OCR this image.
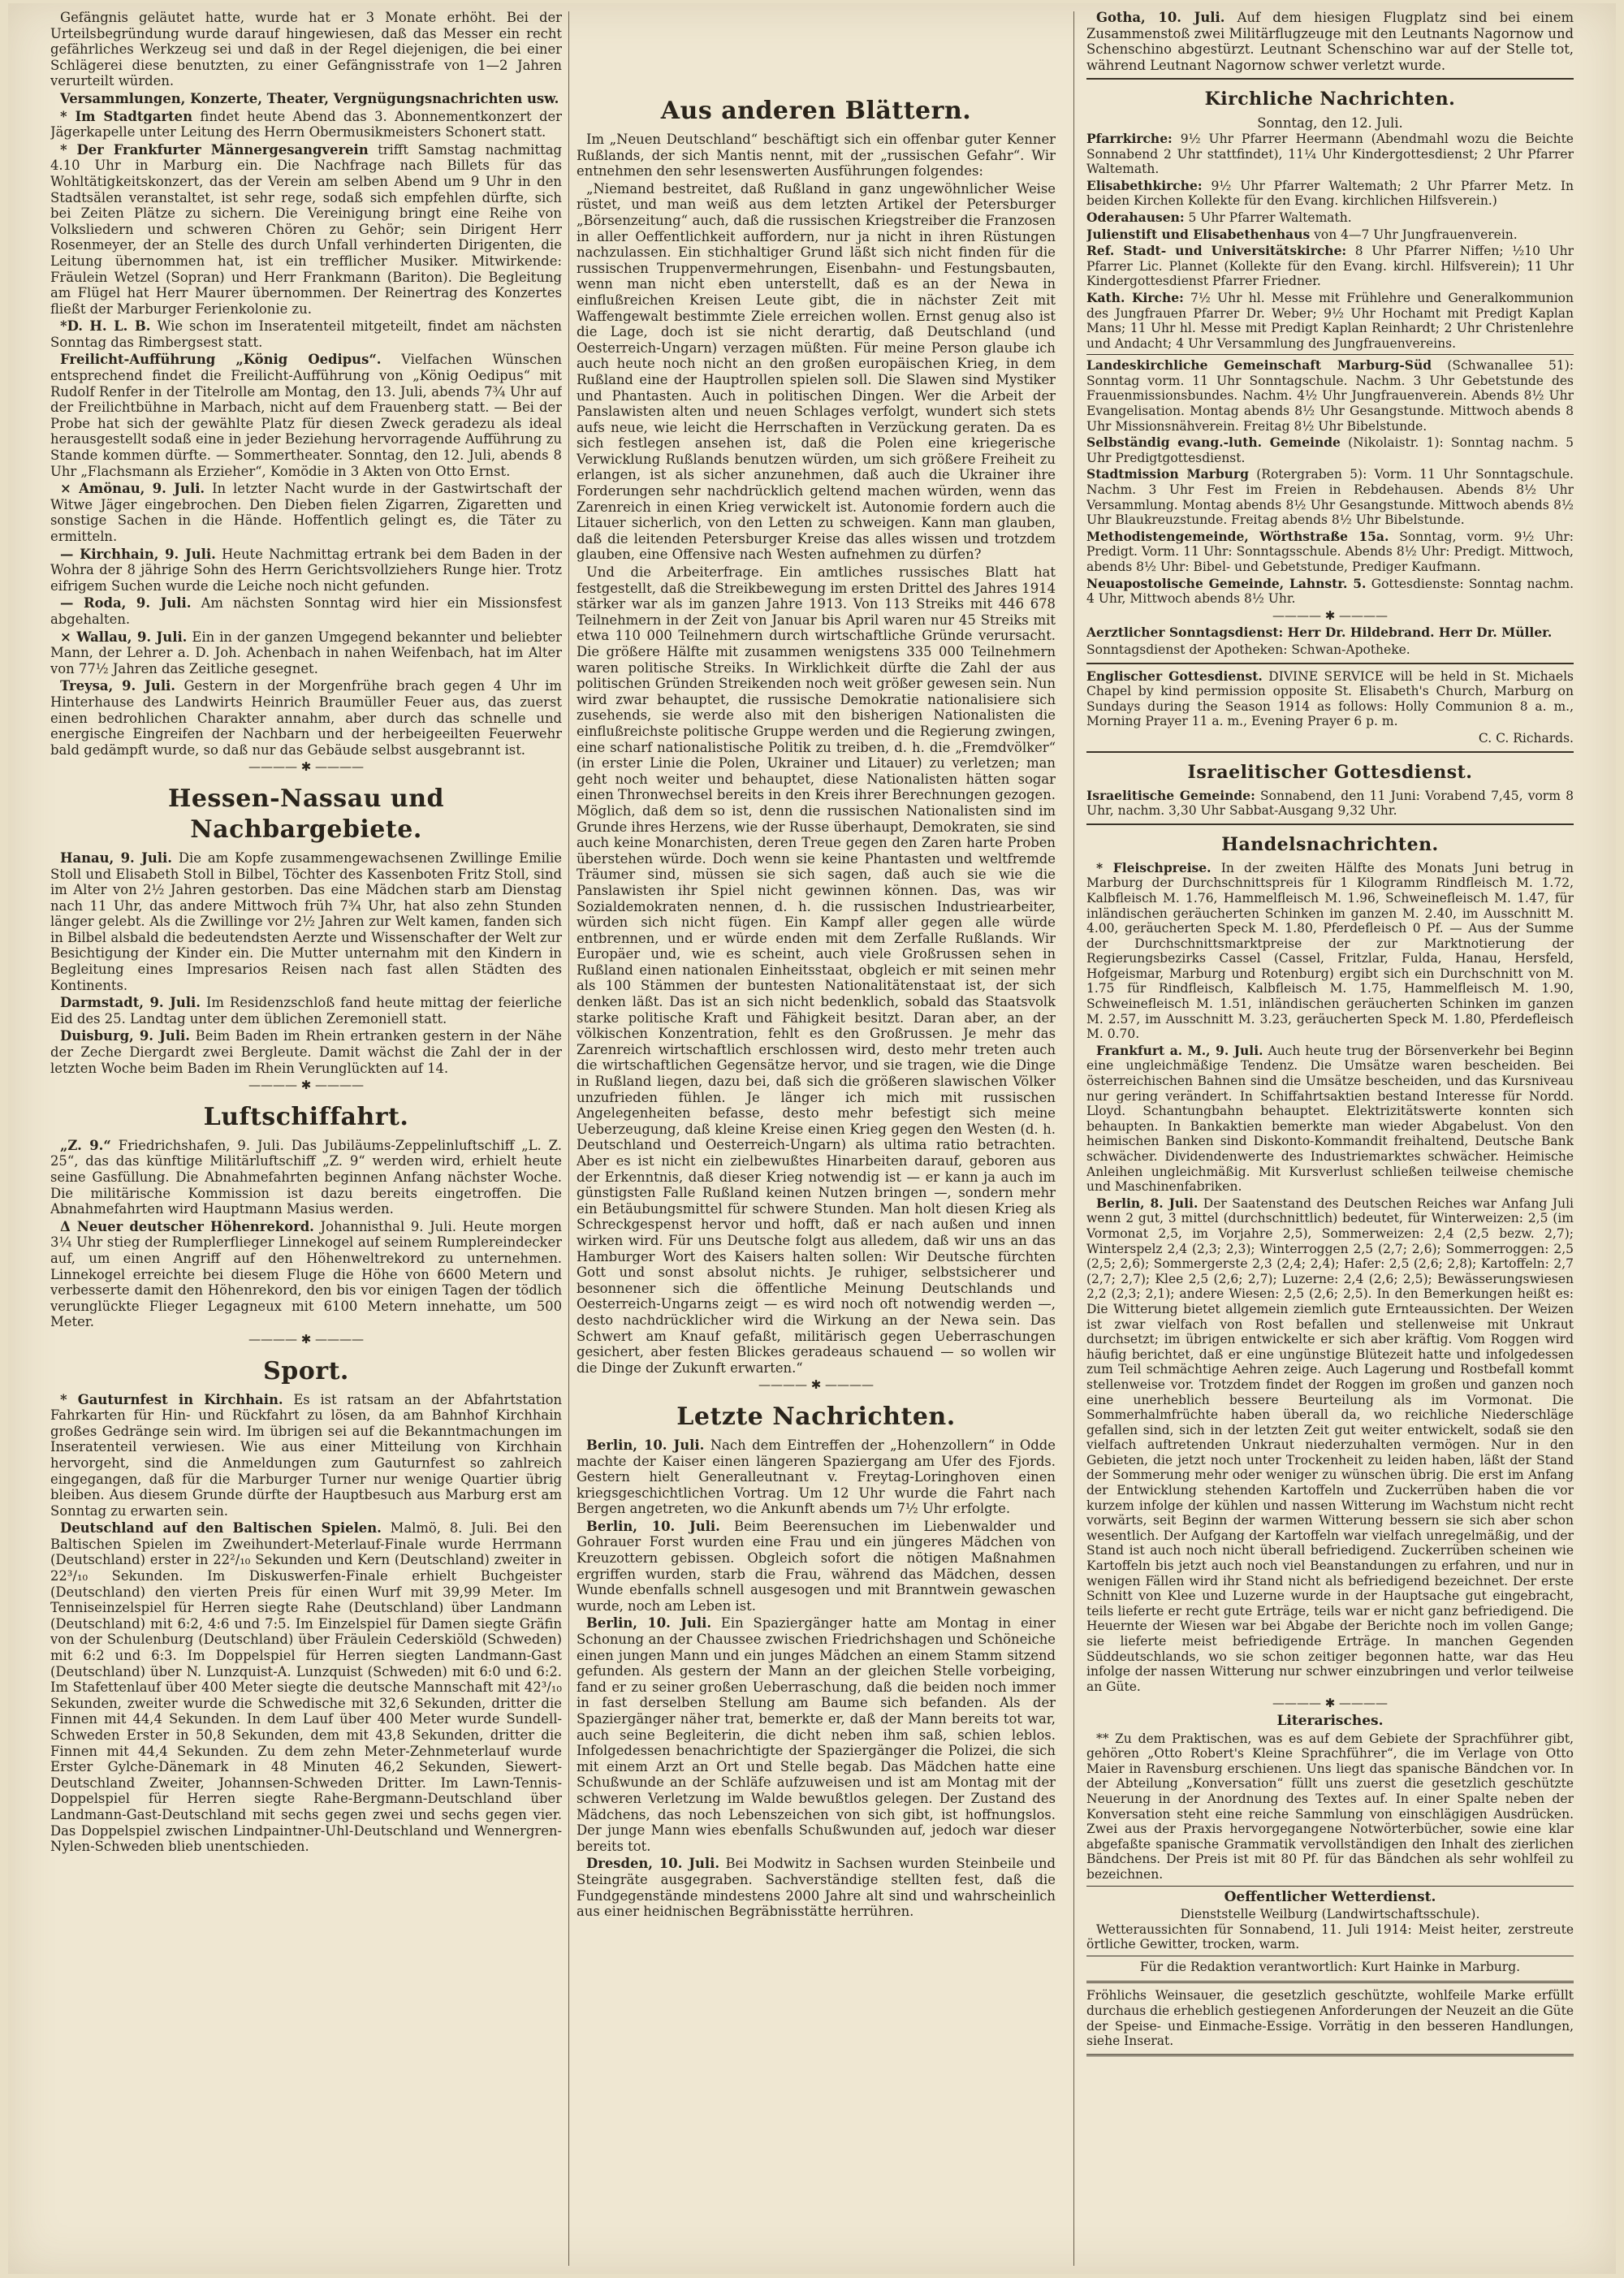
Gefängnis geläutet hatte, wurde hat er 3 Monate erhöht. Bei der Urteilsbegründung wurde darauf hingewiesen, daß das Messer ein recht gefährliches Werkzeug sei und daß in der Regel diejenigen, die bei einer Schlägerei diese benutzten, zu einer Gefängnisstrafe von 1—2 Jahren verurteilt würden.

Versammlungen, Konzerte, Theater, Vergnügungsnachrichten usw.

* Im Stadtgarten findet heute Abend das 3. Abonnementkonzert der Jägerkapelle unter Leitung des Herrn Obermusikmeisters Schonert statt.

* Der Frankfurter Männergesangverein trifft Samstag nachmittag 4.10 Uhr in Marburg ein. Die Nachfrage nach Billets für das Wohltätigkeitskonzert, das der Verein am selben Abend um 9 Uhr in den Stadtsälen veranstaltet, ist sehr rege, sodaß sich empfehlen dürfte, sich bei Zeiten Plätze zu sichern. Die Vereinigung bringt eine Reihe von Volksliedern und schweren Chören zu Gehör; sein Dirigent Herr Rosenmeyer, der an Stelle des durch Unfall verhinderten Dirigenten, die Leitung übernommen hat, ist ein trefflicher Musiker. Mitwirkende: Fräulein Wetzel (Sopran) und Herr Frankmann (Bariton). Die Begleitung am Flügel hat Herr Maurer übernommen. Der Reinertrag des Konzertes fließt der Marburger Ferienkolonie zu.

*D. H. L. B. Wie schon im Inseratenteil mitgeteilt, findet am nächsten Sonntag das Rimbergsest statt.

Freilicht-Aufführung „König Oedipus“. Vielfachen Wünschen entsprechend findet die Freilicht-Aufführung von „König Oedipus“ mit Rudolf Renfer in der Titelrolle am Montag, den 13. Juli, abends 7¾ Uhr auf der Freilichtbühne in Marbach, nicht auf dem Frauenberg statt. — Bei der Probe hat sich der gewählte Platz für diesen Zweck geradezu als ideal herausgestellt sodaß eine in jeder Beziehung hervorragende Aufführung zu Stande kommen dürfte. — Sommertheater. Sonntag, den 12. Juli, abends 8 Uhr „Flachsmann als Erzieher“, Komödie in 3 Akten von Otto Ernst.

× Amönau, 9. Juli. In letzter Nacht wurde in der Gastwirtschaft der Witwe Jäger eingebrochen. Den Dieben fielen Zigarren, Zigaretten und sonstige Sachen in die Hände. Hoffentlich gelingt es, die Täter zu ermitteln.

— Kirchhain, 9. Juli. Heute Nachmittag ertrank bei dem Baden in der Wohra der 8 jährige Sohn des Herrn Gerichtsvollziehers Runge hier. Trotz eifrigem Suchen wurde die Leiche noch nicht gefunden.

— Roda, 9. Juli. Am nächsten Sonntag wird hier ein Missionsfest abgehalten.

× Wallau, 9. Juli. Ein in der ganzen Umgegend bekannter und beliebter Mann, der Lehrer a. D. Joh. Achenbach in nahen Weifenbach, hat im Alter von 77½ Jahren das Zeitliche gesegnet.

Treysa, 9. Juli. Gestern in der Morgenfrühe brach gegen 4 Uhr im Hinterhause des Landwirts Heinrich Braumüller Feuer aus, das zuerst einen bedrohlichen Charakter annahm, aber durch das schnelle und energische Eingreifen der Nachbarn und der herbeigeeilten Feuerwehr bald gedämpft wurde, so daß nur das Gebäude selbst ausgebrannt ist.

———— ✱ ————
Hessen-Nassau und Nachbargebiete.

Hanau, 9. Juli. Die am Kopfe zusammengewachsenen Zwillinge Emilie Stoll und Elisabeth Stoll in Bilbel, Töchter des Kassenboten Fritz Stoll, sind im Alter von 2½ Jahren gestorben. Das eine Mädchen starb am Dienstag nach 11 Uhr, das andere Mittwoch früh 7¾ Uhr, hat also zehn Stunden länger gelebt. Als die Zwillinge vor 2½ Jahren zur Welt kamen, fanden sich in Bilbel alsbald die bedeutendsten Aerzte und Wissenschafter der Welt zur Besichtigung der Kinder ein. Die Mutter unternahm mit den Kindern in Begleitung eines Impresarios Reisen nach fast allen Städten des Kontinents.

Darmstadt, 9. Juli. Im Residenzschloß fand heute mittag der feierliche Eid des 25. Landtag unter dem üblichen Zeremoniell statt.

Duisburg, 9. Juli. Beim Baden im Rhein ertranken gestern in der Nähe der Zeche Diergardt zwei Bergleute. Damit wächst die Zahl der in der letzten Woche beim Baden im Rhein Verunglückten auf 14.

———— ✱ ————
Luftschiffahrt.

„Z. 9.“ Friedrichshafen, 9. Juli. Das Jubiläums-Zeppelinluftschiff „L. Z. 25“, das das künftige Militärluftschiff „Z. 9“ werden wird, erhielt heute seine Gasfüllung. Die Abnahmefahrten beginnen Anfang nächster Woche. Die militärische Kommission ist dazu bereits eingetroffen. Die Abnahmefahrten wird Hauptmann Masius werden.

Δ Neuer deutscher Höhenrekord. Johannisthal 9. Juli. Heute morgen 3¼ Uhr stieg der Rumplerflieger Linnekogel auf seinem Rumplereindecker auf, um einen Angriff auf den Höhenweltrekord zu unternehmen. Linnekogel erreichte bei diesem Fluge die Höhe von 6600 Metern und verbesserte damit den Höhenrekord, den bis vor einigen Tagen der tödlich verunglückte Flieger Legagneux mit 6100 Metern innehatte, um 500 Meter.

———— ✱ ————
Sport.

* Gauturnfest in Kirchhain. Es ist ratsam an der Abfahrtstation Fahrkarten für Hin- und Rückfahrt zu lösen, da am Bahnhof Kirchhain großes Gedränge sein wird. Im übrigen sei auf die Bekanntmachungen im Inseratenteil verwiesen. Wie aus einer Mitteilung von Kirchhain hervorgeht, sind die Anmeldungen zum Gauturnfest so zahlreich eingegangen, daß für die Marburger Turner nur wenige Quartier übrig bleiben. Aus diesem Grunde dürfte der Hauptbesuch aus Marburg erst am Sonntag zu erwarten sein.

Deutschland auf den Baltischen Spielen. Malmö, 8. Juli. Bei den Baltischen Spielen im Zweihundert-Meterlauf-Finale wurde Herrmann (Deutschland) erster in 22²/₁₀ Sekunden und Kern (Deutschland) zweiter in 22³/₁₀ Sekunden. Im Diskuswerfen-Finale erhielt Buchgeister (Deutschland) den vierten Preis für einen Wurf mit 39,99 Meter. Im Tenniseinzelspiel für Herren siegte Rahe (Deutschland) über Landmann (Deutschland) mit 6:2, 4:6 und 7:5. Im Einzelspiel für Damen siegte Gräfin von der Schulenburg (Deutschland) über Fräulein Cederskiöld (Schweden) mit 6:2 und 6:3. Im Doppelspiel für Herren siegten Landmann-Gast (Deutschland) über N. Lunzquist-A. Lunzquist (Schweden) mit 6:0 und 6:2. Im Stafettenlauf über 400 Meter siegte die deutsche Mannschaft mit 42³/₁₀ Sekunden, zweiter wurde die Schwedische mit 32,6 Sekunden, dritter die Finnen mit 44,4 Sekunden. In dem Lauf über 400 Meter wurde Sundell-Schweden Erster in 50,8 Sekunden, dem mit 43,8 Sekunden, dritter die Finnen mit 44,4 Sekunden. Zu dem zehn Meter-Zehnmeterlauf wurde Erster Gylche-Dänemark in 48 Minuten 46,2 Sekunden, Siewert-Deutschland Zweiter, Johannsen-Schweden Dritter. Im Lawn-Tennis-Doppelspiel für Herren siegte Rahe-Bergmann-Deutschland über Landmann-Gast-Deutschland mit sechs gegen zwei und sechs gegen vier. Das Doppelspiel zwischen Lindpaintner-Uhl-Deutschland und Wennergren-Nylen-Schweden blieb unentschieden.

Aus anderen Blättern.

Im „Neuen Deutschland“ beschäftigt sich ein offenbar guter Kenner Rußlands, der sich Mantis nennt, mit der „russischen Gefahr“. Wir entnehmen den sehr lesenswerten Ausführungen folgendes:

„Niemand bestreitet, daß Rußland in ganz ungewöhnlicher Weise rüstet, und man weiß aus dem letzten Artikel der Petersburger „Börsenzeitung“ auch, daß die russischen Kriegstreiber die Franzosen in aller Oeffentlichkeit auffordern, nur ja nicht in ihren Rüstungen nachzulassen. Ein stichhaltiger Grund läßt sich nicht finden für die russischen Truppenvermehrungen, Eisenbahn- und Festungsbauten, wenn man nicht eben unterstellt, daß es an der Newa in einflußreichen Kreisen Leute gibt, die in nächster Zeit mit Waffengewalt bestimmte Ziele erreichen wollen. Ernst genug also ist die Lage, doch ist sie nicht derartig, daß Deutschland (und Oesterreich-Ungarn) verzagen müßten. Für meine Person glaube ich auch heute noch nicht an den großen europäischen Krieg, in dem Rußland eine der Hauptrollen spielen soll. Die Slawen sind Mystiker und Phantasten. Auch in politischen Dingen. Wer die Arbeit der Panslawisten alten und neuen Schlages verfolgt, wundert sich stets aufs neue, wie leicht die Herrschaften in Verzückung geraten. Da es sich festlegen ansehen ist, daß die Polen eine kriegerische Verwicklung Rußlands benutzen würden, um sich größere Freiheit zu erlangen, ist als sicher anzunehmen, daß auch die Ukrainer ihre Forderungen sehr nachdrücklich geltend machen würden, wenn das Zarenreich in einen Krieg verwickelt ist. Autonomie fordern auch die Litauer sicherlich, von den Letten zu schweigen. Kann man glauben, daß die leitenden Petersburger Kreise das alles wissen und trotzdem glauben, eine Offensive nach Westen aufnehmen zu dürfen?

Und die Arbeiterfrage. Ein amtliches russisches Blatt hat festgestellt, daß die Streikbewegung im ersten Drittel des Jahres 1914 stärker war als im ganzen Jahre 1913. Von 113 Streiks mit 446 678 Teilnehmern in der Zeit von Januar bis April waren nur 45 Streiks mit etwa 110 000 Teilnehmern durch wirtschaftliche Gründe verursacht. Die größere Hälfte mit zusammen wenigstens 335 000 Teilnehmern waren politische Streiks. In Wirklichkeit dürfte die Zahl der aus politischen Gründen Streikenden noch weit größer gewesen sein. Nun wird zwar behauptet, die russische Demokratie nationalisiere sich zusehends, sie werde also mit den bisherigen Nationalisten die einflußreichste politische Gruppe werden und die Regierung zwingen, eine scharf nationalistische Politik zu treiben, d. h. die „Fremdvölker“ (in erster Linie die Polen, Ukrainer und Litauer) zu verletzen; man geht noch weiter und behauptet, diese Nationalisten hätten sogar einen Thronwechsel bereits in den Kreis ihrer Berechnungen gezogen. Möglich, daß dem so ist, denn die russischen Nationalisten sind im Grunde ihres Herzens, wie der Russe überhaupt, Demokraten, sie sind auch keine Monarchisten, deren Treue gegen den Zaren harte Proben überstehen würde. Doch wenn sie keine Phantasten und weltfremde Träumer sind, müssen sie sich sagen, daß auch sie wie die Panslawisten ihr Spiel nicht gewinnen können. Das, was wir Sozialdemokraten nennen, d. h. die russischen Industriearbeiter, würden sich nicht fügen. Ein Kampf aller gegen alle würde entbrennen, und er würde enden mit dem Zerfalle Rußlands. Wir Europäer und, wie es scheint, auch viele Großrussen sehen in Rußland einen nationalen Einheitsstaat, obgleich er mit seinen mehr als 100 Stämmen der buntesten Nationalitätenstaat ist, der sich denken läßt. Das ist an sich nicht bedenklich, sobald das Staatsvolk starke politische Kraft und Fähigkeit besitzt. Daran aber, an der völkischen Konzentration, fehlt es den Großrussen. Je mehr das Zarenreich wirtschaftlich erschlossen wird, desto mehr treten auch die wirtschaftlichen Gegensätze hervor, und sie tragen, wie die Dinge in Rußland liegen, dazu bei, daß sich die größeren slawischen Völker unzufrieden fühlen. Je länger ich mich mit russischen Angelegenheiten befasse, desto mehr befestigt sich meine Ueberzeugung, daß kleine Kreise einen Krieg gegen den Westen (d. h. Deutschland und Oesterreich-Ungarn) als ultima ratio betrachten. Aber es ist nicht ein zielbewußtes Hinarbeiten darauf, geboren aus der Erkenntnis, daß dieser Krieg notwendig ist — er kann ja auch im günstigsten Falle Rußland keinen Nutzen bringen —, sondern mehr ein Betäubungsmittel für schwere Stunden. Man holt diesen Krieg als Schreckgespenst hervor und hofft, daß er nach außen und innen wirken wird. Für uns Deutsche folgt aus alledem, daß wir uns an das Hamburger Wort des Kaisers halten sollen: Wir Deutsche fürchten Gott und sonst absolut nichts. Je ruhiger, selbstsicherer und besonnener sich die öffentliche Meinung Deutschlands und Oesterreich-Ungarns zeigt — es wird noch oft notwendig werden —, desto nachdrücklicher wird die Wirkung an der Newa sein. Das Schwert am Knauf gefaßt, militärisch gegen Ueberraschungen gesichert, aber festen Blickes geradeaus schauend — so wollen wir die Dinge der Zukunft erwarten.“

———— ✱ ————
Letzte Nachrichten.

Berlin, 10. Juli. Nach dem Eintreffen der „Hohenzollern“ in Odde machte der Kaiser einen längeren Spaziergang am Ufer des Fjords. Gestern hielt Generalleutnant v. Freytag-Loringhoven einen kriegsgeschichtlichen Vortrag. Um 12 Uhr wurde die Fahrt nach Bergen angetreten, wo die Ankunft abends um 7½ Uhr erfolgte.

Berlin, 10. Juli. Beim Beerensuchen im Liebenwalder und Gohrauer Forst wurden eine Frau und ein jüngeres Mädchen von Kreuzottern gebissen. Obgleich sofort die nötigen Maßnahmen ergriffen wurden, starb die Frau, während das Mädchen, dessen Wunde ebenfalls schnell ausgesogen und mit Branntwein gewaschen wurde, noch am Leben ist.

Berlin, 10. Juli. Ein Spaziergänger hatte am Montag in einer Schonung an der Chaussee zwischen Friedrichshagen und Schöneiche einen jungen Mann und ein junges Mädchen an einem Stamm sitzend gefunden. Als gestern der Mann an der gleichen Stelle vorbeiging, fand er zu seiner großen Ueberraschung, daß die beiden noch immer in fast derselben Stellung am Baume sich befanden. Als der Spaziergänger näher trat, bemerkte er, daß der Mann bereits tot war, auch seine Begleiterin, die dicht neben ihm saß, schien leblos. Infolgedessen benachrichtigte der Spaziergänger die Polizei, die sich mit einem Arzt an Ort und Stelle begab. Das Mädchen hatte eine Schußwunde an der Schläfe aufzuweisen und ist am Montag mit der schweren Verletzung im Walde bewußtlos gelegen. Der Zustand des Mädchens, das noch Lebenszeichen von sich gibt, ist hoffnungslos. Der junge Mann wies ebenfalls Schußwunden auf, jedoch war dieser bereits tot.

Dresden, 10. Juli. Bei Modwitz in Sachsen wurden Steinbeile und Steingräte ausgegraben. Sachverständige stellten fest, daß die Fundgegenstände mindestens 2000 Jahre alt sind und wahrscheinlich aus einer heidnischen Begräbnisstätte herrühren.

Gotha, 10. Juli. Auf dem hiesigen Flugplatz sind bei einem Zusammenstoß zwei Militärflugzeuge mit den Leutnants Nagornow und Schenschino abgestürzt. Leutnant Schenschino war auf der Stelle tot, während Leutnant Nagornow schwer verletzt wurde.

Kirchliche Nachrichten.

Sonntag, den 12. Juli.

Pfarrkirche: 9½ Uhr Pfarrer Heermann (Abendmahl wozu die Beichte Sonnabend 2 Uhr stattfindet), 11¼ Uhr Kindergottesdienst; 2 Uhr Pfarrer Waltemath.

Elisabethkirche: 9½ Uhr Pfarrer Waltemath; 2 Uhr Pfarrer Metz. In beiden Kirchen Kollekte für den Evang. kirchlichen Hilfsverein.)

Oderahausen: 5 Uhr Pfarrer Waltemath.

Julienstift und Elisabethenhaus von 4—7 Uhr Jungfrauenverein.

Ref. Stadt- und Universitätskirche: 8 Uhr Pfarrer Niffen; ½10 Uhr Pfarrer Lic. Plannet (Kollekte für den Evang. kirchl. Hilfsverein); 11 Uhr Kindergottesdienst Pfarrer Friedner.

Kath. Kirche: 7½ Uhr hl. Messe mit Frühlehre und Generalkommunion des Jungfrauen Pfarrer Dr. Weber; 9½ Uhr Hochamt mit Predigt Kaplan Mans; 11 Uhr hl. Messe mit Predigt Kaplan Reinhardt; 2 Uhr Christenlehre und Andacht; 4 Uhr Versammlung des Jungfrauenvereins.

Landeskirchliche Gemeinschaft Marburg-Süd (Schwanallee 51): Sonntag vorm. 11 Uhr Sonntagschule. Nachm. 3 Uhr Gebetstunde des Frauenmissionsbundes. Nachm. 4½ Uhr Jungfrauenverein. Abends 8½ Uhr Evangelisation. Montag abends 8½ Uhr Gesangstunde. Mittwoch abends 8 Uhr Missionsnähverein. Freitag 8½ Uhr Bibelstunde.

Selbständig evang.-luth. Gemeinde (Nikolaistr. 1): Sonntag nachm. 5 Uhr Predigtgottesdienst.

Stadtmission Marburg (Rotergraben 5): Vorm. 11 Uhr Sonntagschule. Nachm. 3 Uhr Fest im Freien in Rebdehausen. Abends 8½ Uhr Versammlung. Montag abends 8½ Uhr Gesangstunde. Mittwoch abends 8½ Uhr Blaukreuzstunde. Freitag abends 8½ Uhr Bibelstunde.

Methodistengemeinde, Wörthstraße 15a. Sonntag, vorm. 9½ Uhr: Predigt. Vorm. 11 Uhr: Sonntagsschule. Abends 8½ Uhr: Predigt. Mittwoch, abends 8½ Uhr: Bibel- und Gebetstunde, Prediger Kaufmann.

Neuapostolische Gemeinde, Lahnstr. 5. Gottesdienste: Sonntag nachm. 4 Uhr, Mittwoch abends 8½ Uhr.

———— ✱ ————

Aerztlicher Sonntagsdienst: Herr Dr. Hildebrand. Herr Dr. Müller.

Sonntagsdienst der Apotheken: Schwan-Apotheke.

Englischer Gottesdienst. DIVINE SERVICE will be held in St. Michaels Chapel by kind permission opposite St. Elisabeth's Church, Marburg on Sundays during the Season 1914 as follows: Holly Communion 8 a. m., Morning Prayer 11 a. m., Evening Prayer 6 p. m.

C. C. Richards.

Israelitischer Gottesdienst.

Israelitische Gemeinde: Sonnabend, den 11 Juni: Vorabend 7,45, vorm 8 Uhr, nachm. 3,30 Uhr Sabbat-Ausgang 9,32 Uhr.

Handelsnachrichten.

* Fleischpreise. In der zweiten Hälfte des Monats Juni betrug in Marburg der Durchschnittspreis für 1 Kilogramm Rindfleisch M. 1.72, Kalbfleisch M. 1.76, Hammelfleisch M. 1.96, Schweinefleisch M. 1.47, für inländischen geräucherten Schinken im ganzen M. 2.40, im Ausschnitt M. 4.00, geräucherten Speck M. 1.80, Pferdefleisch 0 Pf. — Aus der Summe der Durchschnittsmarktpreise der zur Marktnotierung der Regierungsbezirks Cassel (Cassel, Fritzlar, Fulda, Hanau, Hersfeld, Hofgeismar, Marburg und Rotenburg) ergibt sich ein Durchschnitt von M. 1.75 für Rindfleisch, Kalbfleisch M. 1.75, Hammelfleisch M. 1.90, Schweinefleisch M. 1.51, inländischen geräucherten Schinken im ganzen M. 2.57, im Ausschnitt M. 3.23, geräucherten Speck M. 1.80, Pferdefleisch M. 0.70.

Frankfurt a. M., 9. Juli. Auch heute trug der Börsenverkehr bei Beginn eine ungleichmäßige Tendenz. Die Umsätze waren bescheiden. Bei österreichischen Bahnen sind die Umsätze bescheiden, und das Kursniveau nur gering verändert. In Schiffahrtsaktien bestand Interesse für Nordd. Lloyd. Schantungbahn behauptet. Elektrizitätswerte konnten sich behaupten. In Bankaktien bemerkte man wieder Abgabelust. Von den heimischen Banken sind Diskonto-Kommandit freihaltend, Deutsche Bank schwächer. Dividendenwerte des Industriemarktes schwächer. Heimische Anleihen ungleichmäßig. Mit Kursverlust schließen teilweise chemische und Maschinenfabriken.

Berlin, 8. Juli. Der Saatenstand des Deutschen Reiches war Anfang Juli wenn 2 gut, 3 mittel (durchschnittlich) bedeutet, für Winterweizen: 2,5 (im Vormonat 2,5, im Vorjahre 2,5), Sommerweizen: 2,4 (2,5 bezw. 2,7); Winterspelz 2,4 (2,3; 2,3); Winterroggen 2,5 (2,7; 2,6); Sommerroggen: 2,5 (2,5; 2,6); Sommergerste 2,3 (2,4; 2,4); Hafer: 2,5 (2,6; 2,8); Kartoffeln: 2,7 (2,7; 2,7); Klee 2,5 (2,6; 2,7); Luzerne: 2,4 (2,6; 2,5); Bewässerungswiesen 2,2 (2,3; 2,1); andere Wiesen: 2,5 (2,6; 2,5). In den Bemerkungen heißt es: Die Witterung bietet allgemein ziemlich gute Ernteaussichten. Der Weizen ist zwar vielfach von Rost befallen und stellenweise mit Unkraut durchsetzt; im übrigen entwickelte er sich aber kräftig. Vom Roggen wird häufig berichtet, daß er eine ungünstige Blütezeit hatte und infolgedessen zum Teil schmächtige Aehren zeige. Auch Lagerung und Rostbefall kommt stellenweise vor. Trotzdem findet der Roggen im großen und ganzen noch eine unerheblich bessere Beurteilung als im Vormonat. Die Sommerhalmfrüchte haben überall da, wo reichliche Niederschläge gefallen sind, sich in der letzten Zeit gut weiter entwickelt, sodaß sie den vielfach auftretenden Unkraut niederzuhalten vermögen. Nur in den Gebieten, die jetzt noch unter Trockenheit zu leiden haben, läßt der Stand der Sommerung mehr oder weniger zu wünschen übrig. Die erst im Anfang der Entwicklung stehenden Kartoffeln und Zuckerrüben haben die vor kurzem infolge der kühlen und nassen Witterung im Wachstum nicht recht vorwärts, seit Beginn der warmen Witterung bessern sie sich aber schon wesentlich. Der Aufgang der Kartoffeln war vielfach unregelmäßig, und der Stand ist auch noch nicht überall befriedigend. Zuckerrüben scheinen wie Kartoffeln bis jetzt auch noch viel Beanstandungen zu erfahren, und nur in wenigen Fällen wird ihr Stand nicht als befriedigend bezeichnet. Der erste Schnitt von Klee und Luzerne wurde in der Hauptsache gut eingebracht, teils lieferte er recht gute Erträge, teils war er nicht ganz befriedigend. Die Heuernte der Wiesen war bei Abgabe der Berichte noch im vollen Gange; sie lieferte meist befriedigende Erträge. In manchen Gegenden Süddeutschlands, wo sie schon zeitiger begonnen hatte, war das Heu infolge der nassen Witterung nur schwer einzubringen und verlor teilweise an Güte.

———— ✱ ————
Literarisches.

** Zu dem Praktischen, was es auf dem Gebiete der Sprachführer gibt, gehören „Otto Robert's Kleine Sprachführer“, die im Verlage von Otto Maier in Ravensburg erschienen. Uns liegt das spanische Bändchen vor. In der Abteilung „Konversation“ füllt uns zuerst die gesetzlich geschützte Neuerung in der Anordnung des Textes auf. In einer Spalte neben der Konversation steht eine reiche Sammlung von einschlägigen Ausdrücken. Zwei aus der Praxis hervorgegangene Notwörterbücher, sowie eine klar abgefaßte spanische Grammatik vervollständigen den Inhalt des zierlichen Bändchens. Der Preis ist mit 80 Pf. für das Bändchen als sehr wohlfeil zu bezeichnen.

Oeffentlicher Wetterdienst.

Dienststelle Weilburg (Landwirtschaftsschule).

Wetteraussichten für Sonnabend, 11. Juli 1914: Meist heiter, zerstreute örtliche Gewitter, trocken, warm.

Für die Redaktion verantwortlich: Kurt Hainke in Marburg.

Fröhlichs Weinsauer, die gesetzlich geschützte, wohlfeile Marke erfüllt durchaus die erheblich gestiegenen Anforderungen der Neuzeit an die Güte der Speise- und Einmache-Essige. Vorrätig in den besseren Handlungen, siehe Inserat.
